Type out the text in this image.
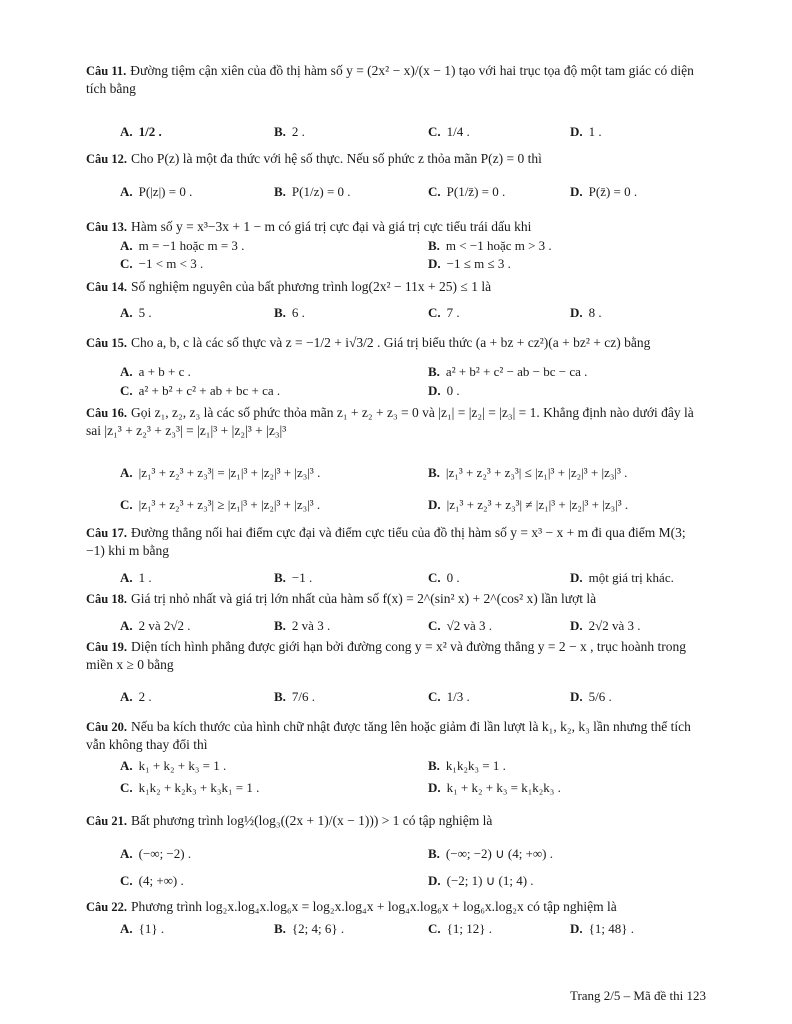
Câu 11. Đường tiệm cận xiên của đồ thị hàm số y = (2x² − x)/(x − 1) tạo với hai trục tọa độ một tam giác có diện tích bằng
A. 1/2 .	B. 2 .	C. 1/4 .	D. 1 .
Câu 12. Cho P(z) là một đa thức với hệ số thực. Nếu số phức z thỏa mãn P(z) = 0 thì
A. P(|z|) = 0 .	B. P(1/z) = 0 .	C. P(1/z̄) = 0 .	D. P(z̄) = 0 .
Câu 13. Hàm số y = x³−3x + 1 − m có giá trị cực đại và giá trị cực tiểu trái dấu khi
A. m = −1 hoặc m = 3 .	B. m < −1 hoặc m > 3 .
C. −1 < m < 3 .	D. −1 ≤ m ≤ 3 .
Câu 14. Số nghiệm nguyên của bất phương trình log(2x² − 11x + 25) ≤ 1 là
A. 5 .	B. 6 .	C. 7 .	D. 8 .
Câu 15. Cho a, b, c là các số thực và z = −1/2 + i√3/2 . Giá trị biểu thức (a + bz + cz²)(a + bz² + cz) bằng
A. a + b + c .	B. a² + b² + c² − ab − bc − ca .
C. a² + b² + c² + ab + bc + ca .	D. 0 .
Câu 16. Gọi z₁, z₂, z₃ là các số phức thỏa mãn z₁ + z₂ + z₃ = 0 và |z₁| = |z₂| = |z₃| = 1. Khẳng định nào dưới đây là sai |z₁³ + z₂³ + z₃³| = |z₁|³ + |z₂|³ + |z₃|³
A. |z₁³ + z₂³ + z₃³| = |z₁|³ + |z₂|³ + |z₃|³ .	B. |z₁³ + z₂³ + z₃³| ≤ |z₁|³ + |z₂|³ + |z₃|³ .
C. |z₁³ + z₂³ + z₃³| ≥ |z₁|³ + |z₂|³ + |z₃|³ .	D. |z₁³ + z₂³ + z₃³| ≠ |z₁|³ + |z₂|³ + |z₃|³ .
Câu 17. Đường thẳng nối hai điểm cực đại và điểm cực tiểu của đồ thị hàm số y = x³ − x + m đi qua điểm M(3; −1) khi m bằng
A. 1 .	B. −1 .	C. 0 .	D. một giá trị khác.
Câu 18. Giá trị nhỏ nhất và giá trị lớn nhất của hàm số f(x) = 2^(sin² x) + 2^(cos² x) lần lượt là
A. 2 và 2√2 .	B. 2 và 3 .	C. √2 và 3 .	D. 2√2 và 3 .
Câu 19. Diện tích hình phẳng được giới hạn bởi đường cong y = x² và đường thẳng y = 2 − x , trục hoành trong miền x ≥ 0 bằng
A. 2 .	B. 7/6 .	C. 1/3 .	D. 5/6 .
Câu 20. Nếu ba kích thước của hình chữ nhật được tăng lên hoặc giảm đi lần lượt là k₁, k₂, k₃ lần nhưng thể tích vẫn không thay đổi thì
A. k₁ + k₂ + k₃ = 1 .	B. k₁k₂k₃ = 1 .
C. k₁k₂ + k₂k₃ + k₃k₁ = 1 .	D. k₁ + k₂ + k₃ = k₁k₂k₃ .
Câu 21. Bất phương trình log½(log₃((2x + 1)/(x − 1))) > 1 có tập nghiệm là
A. (−∞; −2) .	B. (−∞; −2) ∪ (4; +∞) .
C. (4; +∞) .	D. (−2; 1) ∪ (1; 4) .
Câu 22. Phương trình log₂x.log₄x.log₆x = log₂x.log₄x + log₄x.log₆x + log₆x.log₂x có tập nghiệm là
A. {1} .	B. {2; 4; 6} .	C. {1; 12} .	D. {1; 48} .
Trang 2/5 – Mã đề thi 123
